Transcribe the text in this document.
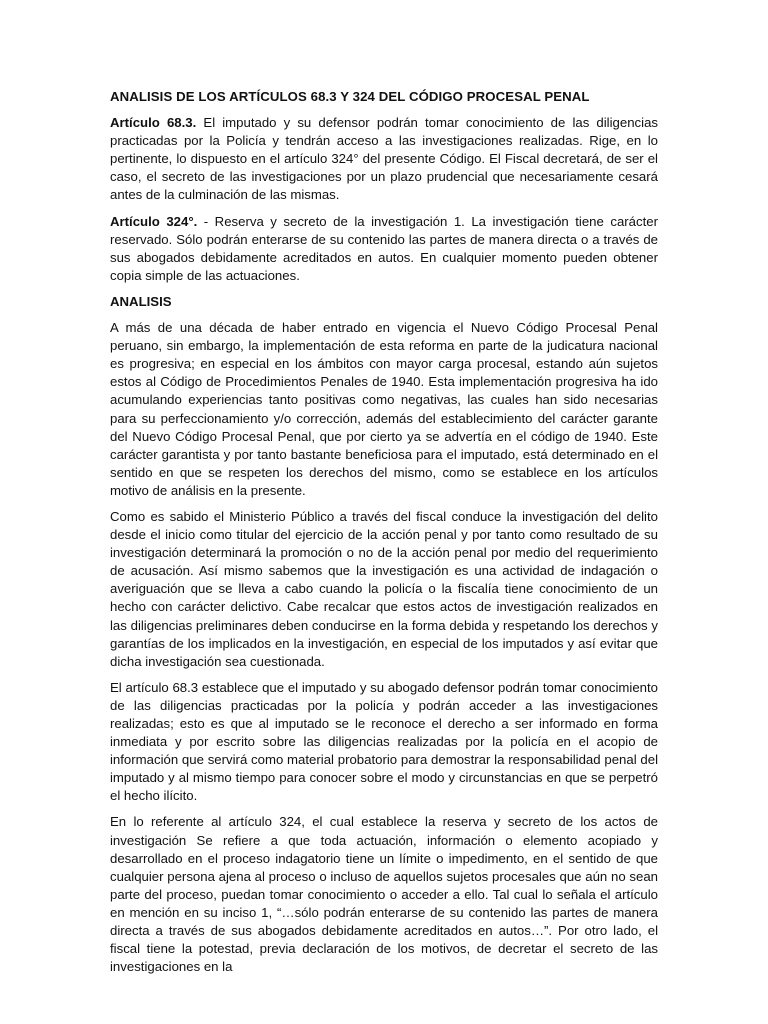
ANALISIS DE LOS ARTÍCULOS 68.3 Y 324 DEL CÓDIGO PROCESAL PENAL

Artículo 68.3. El imputado y su defensor podrán tomar conocimiento de las diligencias practicadas por la Policía y tendrán acceso a las investigaciones realizadas. Rige, en lo pertinente, lo dispuesto en el artículo 324° del presente Código. El Fiscal decretará, de ser el caso, el secreto de las investigaciones por un plazo prudencial que necesariamente cesará antes de la culminación de las mismas.

Artículo 324°. - Reserva y secreto de la investigación 1. La investigación tiene carácter reservado. Sólo podrán enterarse de su contenido las partes de manera directa o a través de sus abogados debidamente acreditados en autos. En cualquier momento pueden obtener copia simple de las actuaciones.

ANALISIS

A más de una década de haber entrado en vigencia el Nuevo Código Procesal Penal peruano, sin embargo, la implementación de esta reforma en parte de la judicatura nacional es progresiva; en especial en los ámbitos con mayor carga procesal, estando aún sujetos estos al Código de Procedimientos Penales de 1940. Esta implementación progresiva ha ido acumulando experiencias tanto positivas como negativas, las cuales han sido necesarias para su perfeccionamiento y/o corrección, además del establecimiento del carácter garante del Nuevo Código Procesal Penal, que por cierto ya se advertía en el código de 1940. Este carácter garantista y por tanto bastante beneficiosa para el imputado, está determinado en el sentido en que se respeten los derechos del mismo, como se establece en los artículos motivo de análisis en la presente.

Como es sabido el Ministerio Público a través del fiscal conduce la investigación del delito desde el inicio como titular del ejercicio de la acción penal y por tanto como resultado de su investigación determinará la promoción o no de la acción penal por medio del requerimiento de acusación. Así mismo sabemos que la investigación es una actividad de indagación o averiguación que se lleva a cabo cuando la policía o la fiscalía tiene conocimiento de un hecho con carácter delictivo. Cabe recalcar que estos actos de investigación realizados en las diligencias preliminares deben conducirse en la forma debida y respetando los derechos y garantías de los implicados en la investigación, en especial de los imputados y así evitar que dicha investigación sea cuestionada.

El artículo 68.3 establece que el imputado y su abogado defensor podrán tomar conocimiento de las diligencias practicadas por la policía y podrán acceder a las investigaciones realizadas; esto es que al imputado se le reconoce el derecho a ser informado en forma inmediata y por escrito sobre las diligencias realizadas por la policía en el acopio de información que servirá como material probatorio para demostrar la responsabilidad penal del imputado y al mismo tiempo para conocer sobre el modo y circunstancias en que se perpetró el hecho ilícito.

En lo referente al artículo 324, el cual establece la reserva y secreto de los actos de investigación Se refiere a que toda actuación, información o elemento acopiado y desarrollado en el proceso indagatorio tiene un límite o impedimento, en el sentido de que cualquier persona ajena al proceso o incluso de aquellos sujetos procesales que aún no sean parte del proceso, puedan tomar conocimiento o acceder a ello. Tal cual lo señala el artículo en mención en su inciso 1, “…sólo podrán enterarse de su contenido las partes de manera directa a través de sus abogados debidamente acreditados en autos…”. Por otro lado, el fiscal tiene la potestad, previa declaración de los motivos, de decretar el secreto de las investigaciones en la
